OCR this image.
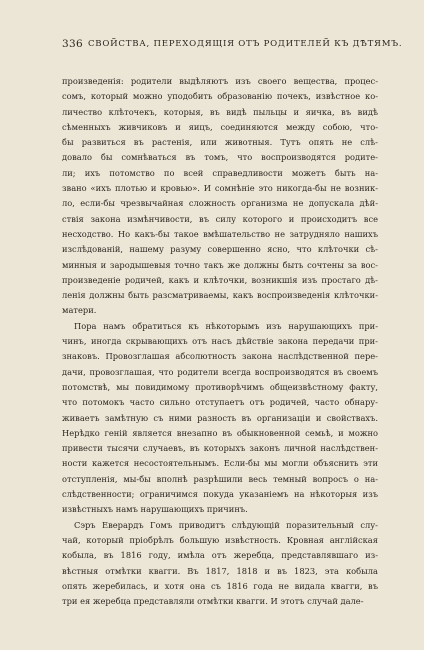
336 СВОЙСТВА, ПЕРЕХОДЯЩІЯ ОТЪ РОДИТЕЛЕЙ КЪ ДѢТЯМЪ.
произведенія: родители выдѣляютъ изъ своего вещества, процес-
сомъ, который можно уподобить образованію почекъ, извѣстное ко-
личество клѣточекъ, которыя, въ видѣ пыльцы и яичка, въ видѣ
сѣменныхъ живчиковъ и яицъ, соединяются между собою, что-
бы развиться въ растенія, или животныя. Тутъ опять не слѣ-
довало бы сомнѣваться въ томъ, что воспроизводятся родите-
ли; ихъ потомство по всей справедливости можетъ быть на-
звано «ихъ плотью и кровью». И сомнѣніе это никогда-бы не возник-
ло, если-бы чрезвычайная сложность организма не допускала дѣй-
ствія закона измѣнчивости, въ силу которого и происходитъ все
несходство. Но какъ-бы такое вмѣшательство не затрудняло нашихъ
изслѣдованій, нашему разуму совершенно ясно, что клѣточки сѣ-
минныя и зародышевыя точно такъ же должны быть сочтены за вос-
произведеніе родичей, какъ и клѣточки, возникшія изъ простаго дѣ-
ленія должны быть разсматриваемы, какъ воспроизведенія клѣточки-
матери.
Пора намъ обратиться къ нѣкоторымъ изъ нарушающихъ при-
чинъ, иногда скрывающихъ отъ насъ дѣйствіе закона передачи при-
знаковъ. Провозглашая абсолютность закона наслѣдственной пере-
дачи, провозглашая, что родители всегда воспроизводятся въ своемъ
потомствѣ, мы повидимому противорѣчимъ общеизвѣстному факту,
что потомокъ часто сильно отступаетъ отъ родичей, часто обнару-
живаетъ замѣтную съ ними разность въ организаціи и свойствахъ.
Нерѣдко геній является внезапно въ обыкновенной семьѣ, и можно
привести тысячи случаевъ, въ которыхъ законъ личной наслѣдствен-
ности кажется несостоятельнымъ. Если-бы мы могли объяснить эти
отступленія, мы-бы вполнѣ разрѣшили весь темный вопросъ о на-
слѣдственности; ограничимся покуда указаніемъ на нѣкоторыя изъ
извѣстныхъ намъ нарушающихъ причинъ.
Сэръ Еверардъ Гомъ приводитъ слѣдующій поразительный слу-
чай, который пріобрѣлъ большую извѣстность. Кровная англійская
кобыла, въ 1816 году, имѣла отъ жеребца, представлявшаго из-
вѣстныя отмѣтки квагги. Въ 1817, 1818 и въ 1823, эта кобыла
опять жеребилась, и хотя она съ 1816 года не видала квагги, въ
три ея жеребца представляли отмѣтки квагги. И этотъ случай дале-
